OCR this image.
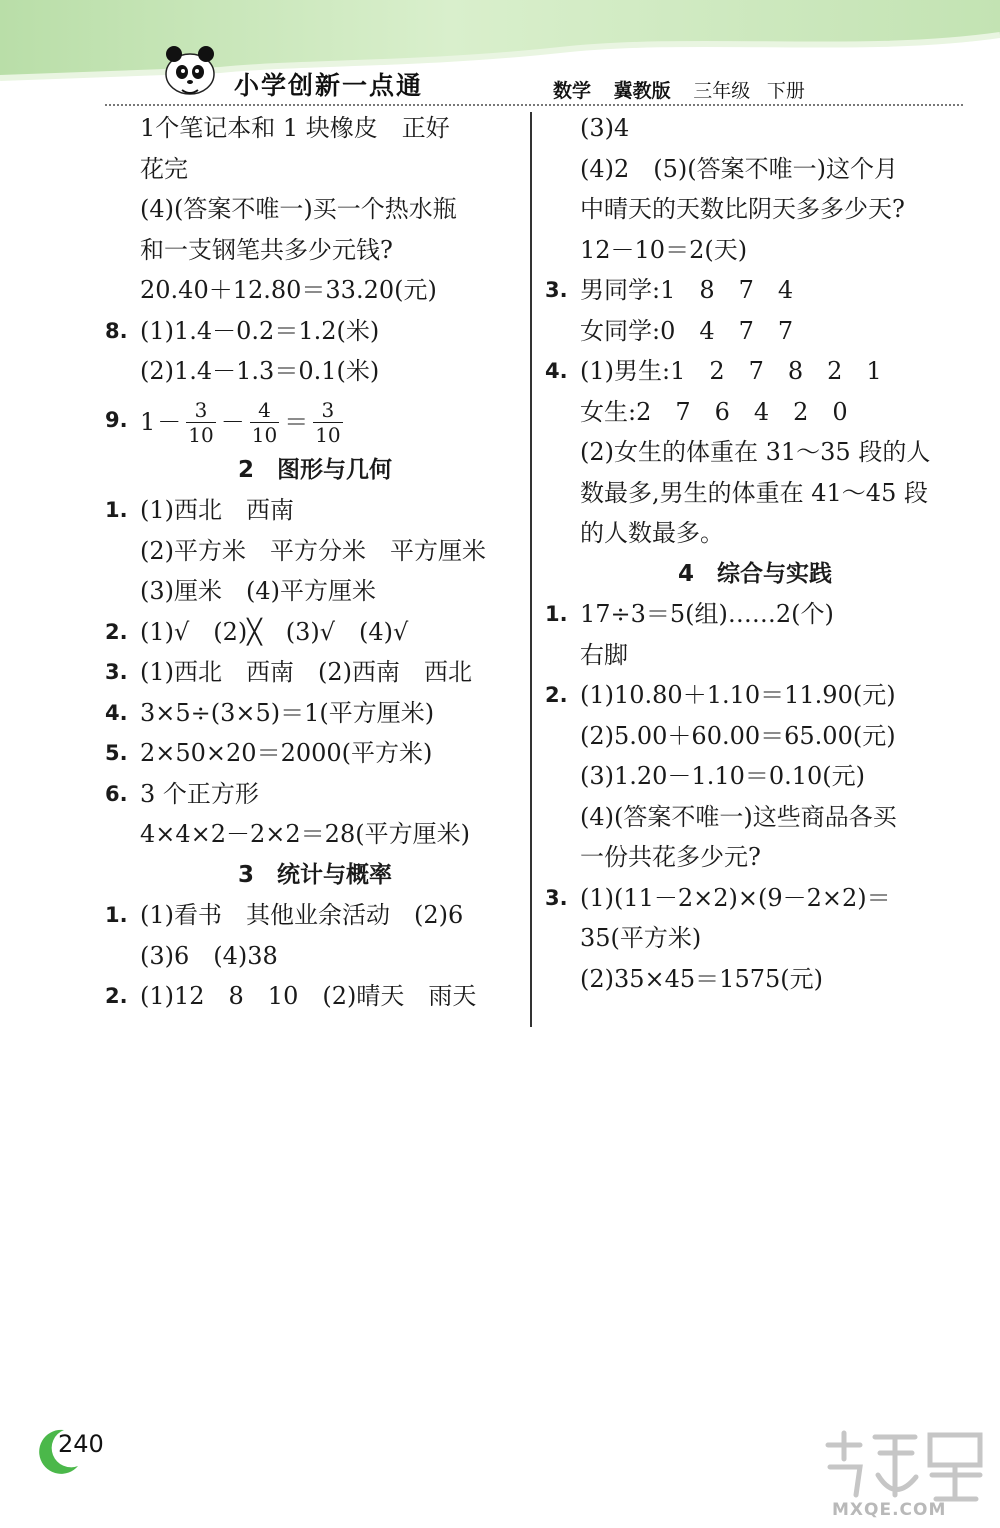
小学创新一点通	数学 冀教版 三年级 下册
1个笔记本和 1 块橡皮　正好
花完
(4)(答案不唯一)买一个热水瓶
和一支钢笔共多少元钱?
20.40＋12.80＝33.20(元)
8. (1)1.4－0.2＝1.2(米)
(2)1.4－1.3＝0.1(米)
9. $1 - \frac{3}{10} - \frac{4}{10} = \frac{3}{10}$
2　图形与几何
1. (1)西北　西南
(2)平方米　平方分米　平方厘米
(3)厘米　(4)平方厘米
2. (1)√　(2)╳　(3)√　(4)√
3. (1)西北　西南　(2)西南　西北
4. 3×5÷(3×5)＝1(平方厘米)
5. 2×50×20＝2000(平方米)
6. 3 个正方形
4×4×2－2×2＝28(平方厘米)
3　统计与概率
1. (1)看书　其他业余活动　(2)6
(3)6　(4)38
2. (1)12　8　10　(2)晴天　雨天
(3)4
(4)2　(5)(答案不唯一)这个月
中晴天的天数比阴天多多少天?
12－10＝2(天)
3. 男同学:1　8　7　4
女同学:0　4　7　7
4. (1)男生:1　2　7　8　2　1
女生:2　7　6　4　2　0
(2)女生的体重在 31～35 段的人
数最多,男生的体重在 41～45 段
的人数最多。
4　综合与实践
1. 17÷3＝5(组)……2(个)
右脚
2. (1)10.80＋1.10＝11.90(元)
(2)5.00＋60.00＝65.00(元)
(3)1.20－1.10＝0.10(元)
(4)(答案不唯一)这些商品各买
一份共花多少元?
3. (1)(11－2×2)×(9－2×2)＝
35(平方米)
(2)35×45＝1575(元)
240
MXQE.COM
